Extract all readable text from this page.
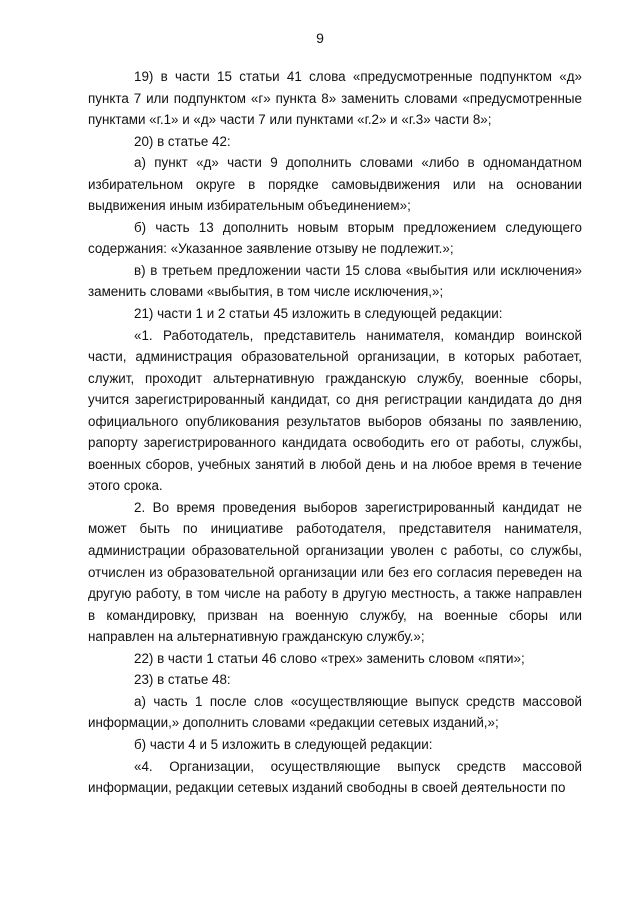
9

19) в части 15 статьи 41 слова «предусмотренные подпунктом «д» пункта 7 или подпунктом «г» пункта 8» заменить словами «предусмотренные пунктами «г.1» и «д» части 7 или пунктами «г.2» и «г.3» части 8»;

20) в статье 42:

а) пункт «д» части 9 дополнить словами «либо в одномандатном избирательном округе в порядке самовыдвижения или на основании выдвижения иным избирательным объединением»;

б) часть 13 дополнить новым вторым предложением следующего содержания: «Указанное заявление отзыву не подлежит.»;

в) в третьем предложении части 15 слова «выбытия или исключения» заменить словами «выбытия, в том числе исключения,»;

21) части 1 и 2 статьи 45 изложить в следующей редакции:

«1. Работодатель, представитель нанимателя, командир воинской части, администрация образовательной организации, в которых работает, служит, проходит альтернативную гражданскую службу, военные сборы, учится зарегистрированный кандидат, со дня регистрации кандидата до дня официального опубликования результатов выборов обязаны по заявлению, рапорту зарегистрированного кандидата освободить его от работы, службы, военных сборов, учебных занятий в любой день и на любое время в течение этого срока.

2. Во время проведения выборов зарегистрированный кандидат не может быть по инициативе работодателя, представителя нанимателя, администрации образовательной организации уволен с работы, со службы, отчислен из образовательной организации или без его согласия переведен на другую работу, в том числе на работу в другую местность, а также направлен в командировку, призван на военную службу, на военные сборы или направлен на альтернативную гражданскую службу.»;

22) в части 1 статьи 46 слово «трех» заменить словом «пяти»;

23) в статье 48:

а) часть 1 после слов «осуществляющие выпуск средств массовой информации,» дополнить словами «редакции сетевых изданий,»;

б) части 4 и 5 изложить в следующей редакции:

«4. Организации, осуществляющие выпуск средств массовой информации, редакции сетевых изданий свободны в своей деятельности по
